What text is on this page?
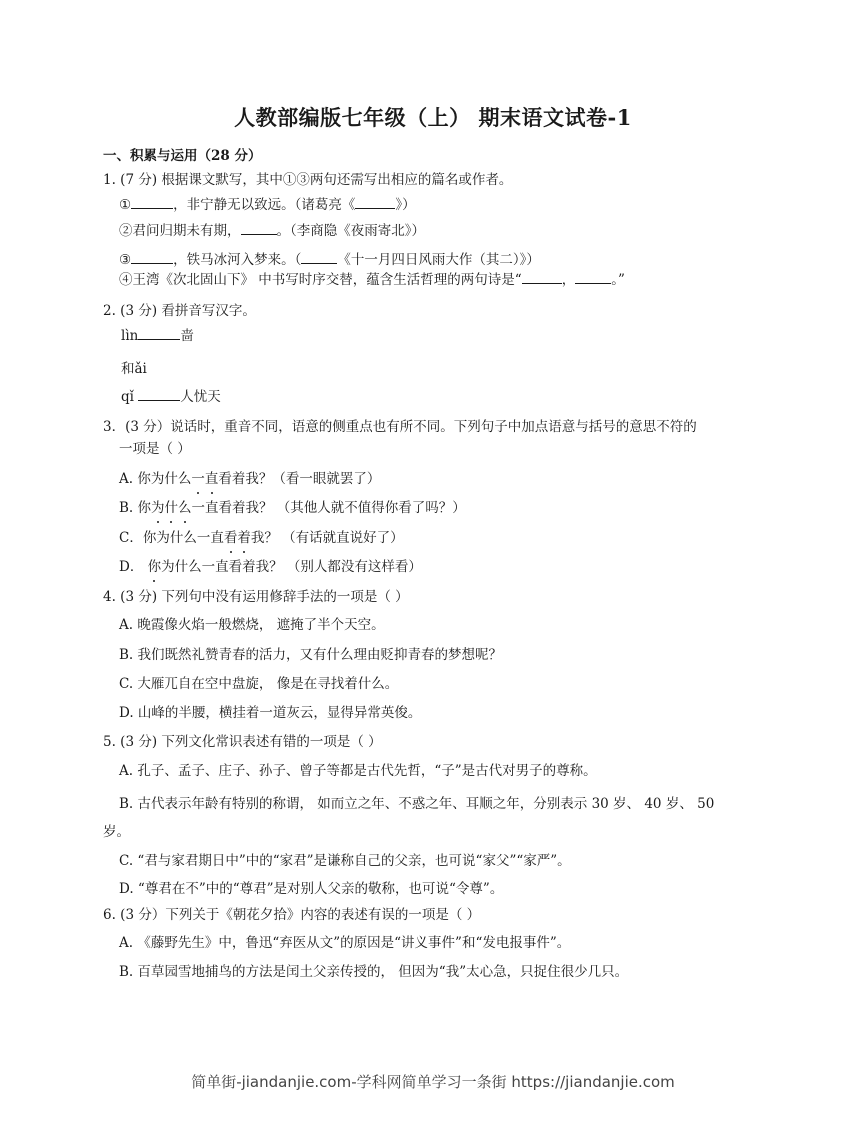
人教部编版七年级（上） 期末语文试卷-1
一、积累与运用（28 分）
1. (7 分) 根据课文默写，其中①③两句还需写出相应的篇名或作者。
①	，非宁静无以致远。（诸葛亮《	》）
②君问归期未有期，	。（李商隐《夜雨寄北》）
③	，铁马冰河入梦来。（	《十一月四日风雨大作（其二）》）
④王湾《次北固山下》 中书写时序交替，蕴含生活哲理的两句诗是“	，	。”
2. (3 分) 看拼音写汉字。
lìn	啬
和ǎi
qǐ	人忧天
3．(3 分）说话时，重音不同，语意的侧重点也有所不同。下列句子中加点语意与括号的意思不符的
一项是（ ）
A. 你为什么一直看着我？（看一眼就罢了）
B. 你为什么一直看着我？ （其他人就不值得你看了吗？）
C．你为什么一直看着我？ （有话就直说好了）
D． 你为什么一直看着我？ （别人都没有这样看）
4. (3 分) 下列句中没有运用修辞手法的一项是（ ）
A. 晚霞像火焰一般燃烧， 遮掩了半个天空。
B. 我们既然礼赞青春的活力，又有什么理由贬抑青春的梦想呢？
C. 大雁兀自在空中盘旋， 像是在寻找着什么。
D. 山峰的半腰，横挂着一道灰云，显得异常英俊。
5. (3 分) 下列文化常识表述有错的一项是（ ）
A. 孔子、孟子、庄子、孙子、曾子等都是古代先哲，“子”是古代对男子的尊称。
B. 古代表示年龄有特别的称谓， 如而立之年、不惑之年、耳顺之年，分别表示 30 岁、 40 岁、 50
岁。
C. “君与家君期日中”中的“家君”是谦称自己的父亲，也可说“家父”“家严”。
D. “尊君在不”中的“尊君”是对别人父亲的敬称，也可说“令尊”。
6. (3 分）下列关于《朝花夕拾》内容的表述有误的一项是（ ）
A. 《藤野先生》中，鲁迅“弃医从文”的原因是“讲义事件”和“发电报事件”。
B. 百草园雪地捕鸟的方法是闰土父亲传授的， 但因为“我”太心急，只捉住很少几只。
简单街-jiandanjie.com-学科网简单学习一条街 https://jiandanjie.com
